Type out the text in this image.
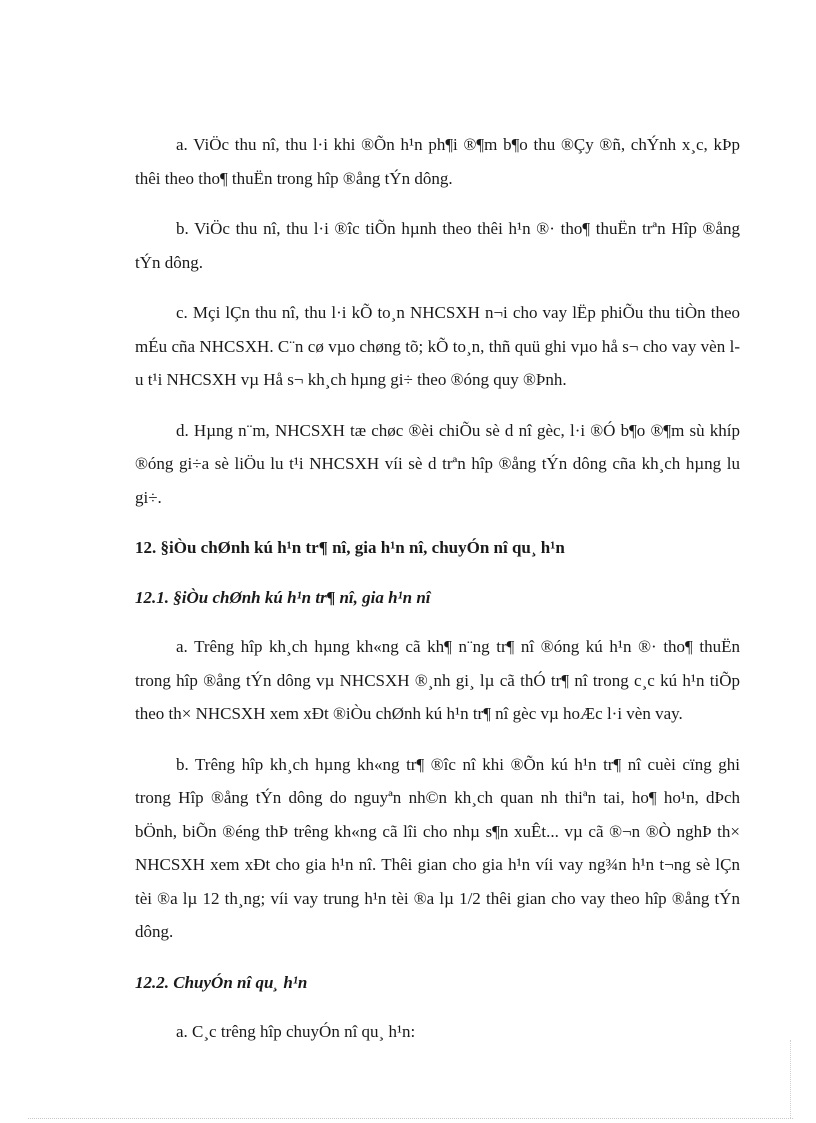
a. ViÖc thu nî, thu l·i khi ®Õn h¹n ph¶i ®¶m b¶o thu ®Çy ®ñ, chÝnh x¸c, kÞp thêi theo tho¶ thuËn trong hîp ®ång tÝn dông.

b. ViÖc thu nî, thu l·i ®îc tiÕn hµnh theo thêi h¹n ®· tho¶ thuËn trªn Hîp ®ång tÝn dông.

c. Mçi lÇn thu nî, thu l·i kÕ to¸n NHCSXH n¬i cho vay lËp phiÕu thu tiÒn theo mÉu cña NHCSXH. C¨n cø vµo chøng tõ; kÕ to¸n, thñ quü ghi vµo hå s¬ cho vay vèn lu t¹i NHCSXH vµ Hå s¬ kh¸ch hµng gi÷ theo ®óng quy ®Þnh.

d. Hµng n¨m, NHCSXH tæ chøc ®èi chiÕu sè d nî gèc, l·i ®Ó b¶o ®¶m sù khíp ®óng gi÷a sè liÖu lu t¹i NHCSXH víi sè d trªn hîp ®ång tÝn dông cña kh¸ch hµng lu gi÷.

12. §iÒu chØnh kú h¹n tr¶ nî, gia h¹n nî, chuyÓn nî qu¸ h¹n

12.1. §iÒu chØnh kú h¹n tr¶ nî, gia h¹n nî

a. Trêng hîp kh¸ch hµng kh«ng cã kh¶ n¨ng tr¶ nî ®óng kú h¹n ®· tho¶ thuËn trong hîp ®ång tÝn dông vµ NHCSXH ®¸nh gi¸ lµ cã thÓ tr¶ nî trong c¸c kú h¹n tiÕp theo th× NHCSXH xem xÐt ®iÒu chØnh kú h¹n tr¶ nî gèc vµ hoÆc l·i vèn vay.

b. Trêng hîp kh¸ch hµng kh«ng tr¶ ®îc nî khi ®Õn kú h¹n tr¶ nî cuèi cïng ghi trong Hîp ®ång tÝn dông do nguyªn nh©n kh¸ch quan nh thiªn tai, ho¶ ho¹n, dÞch bÖnh, biÕn ®éng thÞ trêng kh«ng cã lîi cho nhµ s¶n xuÊt... vµ cã ®¬n ®Ò nghÞ th× NHCSXH xem xÐt cho gia h¹n nî. Thêi gian cho gia h¹n víi vay ng¾n h¹n t¬ng sè lÇn tèi ®a lµ 12 th¸ng; víi vay trung h¹n tèi ®a lµ 1/2 thêi gian cho vay theo hîp ®ång tÝn dông.

12.2. ChuyÓn nî qu¸ h¹n

a. C¸c trêng hîp chuyÓn nî qu¸ h¹n:
